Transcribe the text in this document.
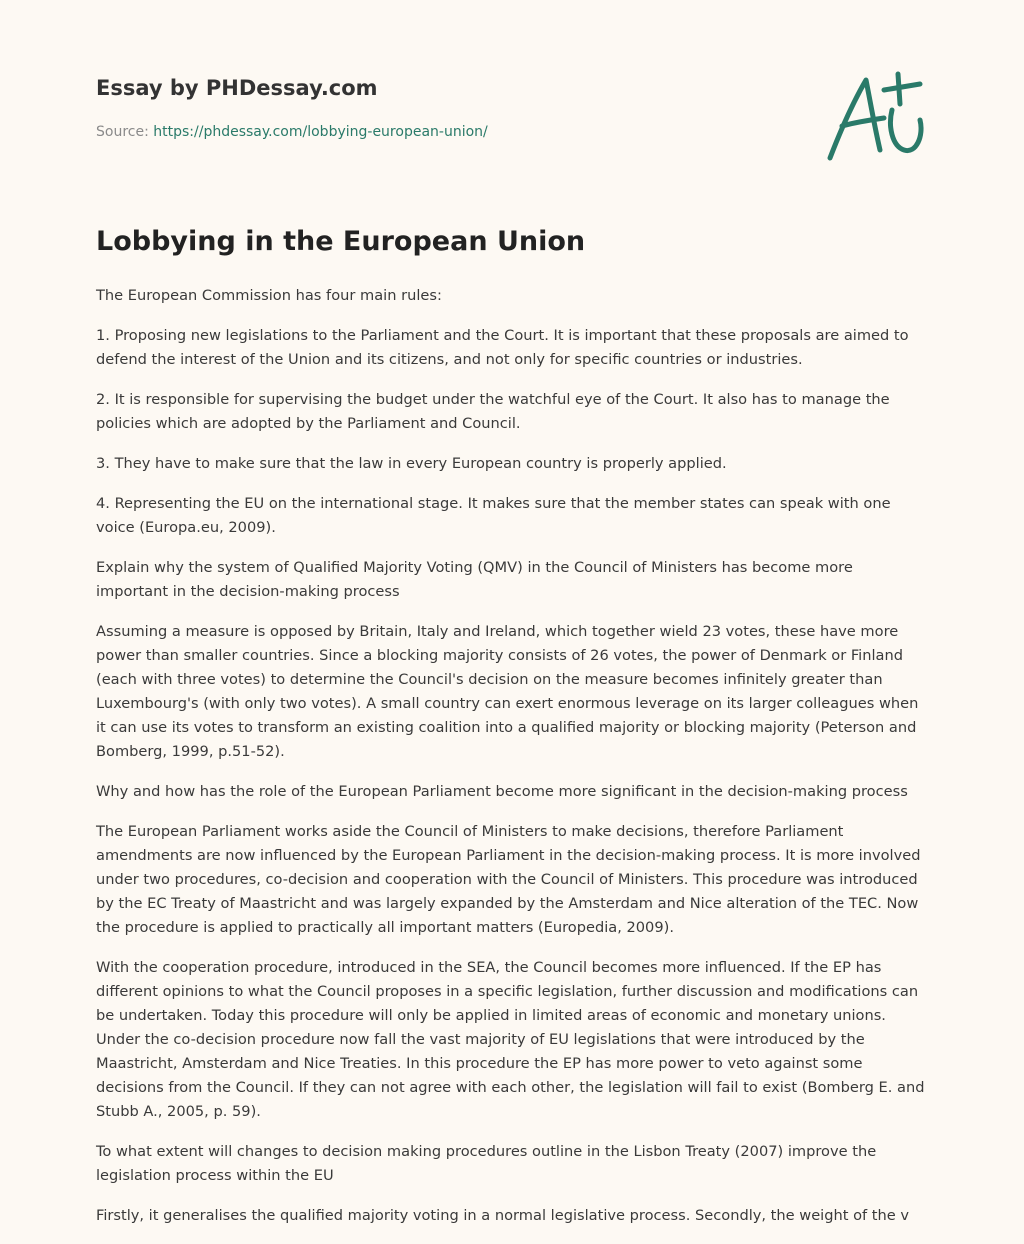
Essay by PHDessay.com
Source: https://phdessay.com/lobbying-european-union/
Lobbying in the European Union

The European Commission has four main rules:

1. Proposing new legislations to the Parliament and the Court. It is important that these proposals are aimed to defend the interest of the Union and its citizens, and not only for specific countries or industries.

2. It is responsible for supervising the budget under the watchful eye of the Court. It also has to manage the policies which are adopted by the Parliament and Council.

3. They have to make sure that the law in every European country is properly applied.

4. Representing the EU on the international stage. It makes sure that the member states can speak with one voice (Europa.eu, 2009).

Explain why the system of Qualified Majority Voting (QMV) in the Council of Ministers has become more important in the decision-making process

Assuming a measure is opposed by Britain, Italy and Ireland, which together wield 23 votes, these have more power than smaller countries. Since a blocking majority consists of 26 votes, the power of Denmark or Finland (each with three votes) to determine the Council's decision on the measure becomes infinitely greater than Luxembourg's (with only two votes). A small country can exert enormous leverage on its larger colleagues when it can use its votes to transform an existing coalition into a qualified majority or blocking majority (Peterson and Bomberg, 1999, p.51-52).

Why and how has the role of the European Parliament become more significant in the decision-making process

The European Parliament works aside the Council of Ministers to make decisions, therefore Parliament amendments are now influenced by the European Parliament in the decision-making process. It is more involved under two procedures, co-decision and cooperation with the Council of Ministers. This procedure was introduced by the EC Treaty of Maastricht and was largely expanded by the Amsterdam and Nice alteration of the TEC. Now the procedure is applied to practically all important matters (Europedia, 2009).

With the cooperation procedure, introduced in the SEA, the Council becomes more influenced. If the EP has different opinions to what the Council proposes in a specific legislation, further discussion and modifications can be undertaken. Today this procedure will only be applied in limited areas of economic and monetary unions. Under the co-decision procedure now fall the vast majority of EU legislations that were introduced by the Maastricht, Amsterdam and Nice Treaties. In this procedure the EP has more power to veto against some decisions from the Council. If they can not agree with each other, the legislation will fail to exist (Bomberg E. and Stubb A., 2005, p. 59).

To what extent will changes to decision making procedures outline in the Lisbon Treaty (2007) improve the legislation process within the EU

Firstly, it generalises the qualified majority voting in a normal legislative process. Secondly, the weight of the v
